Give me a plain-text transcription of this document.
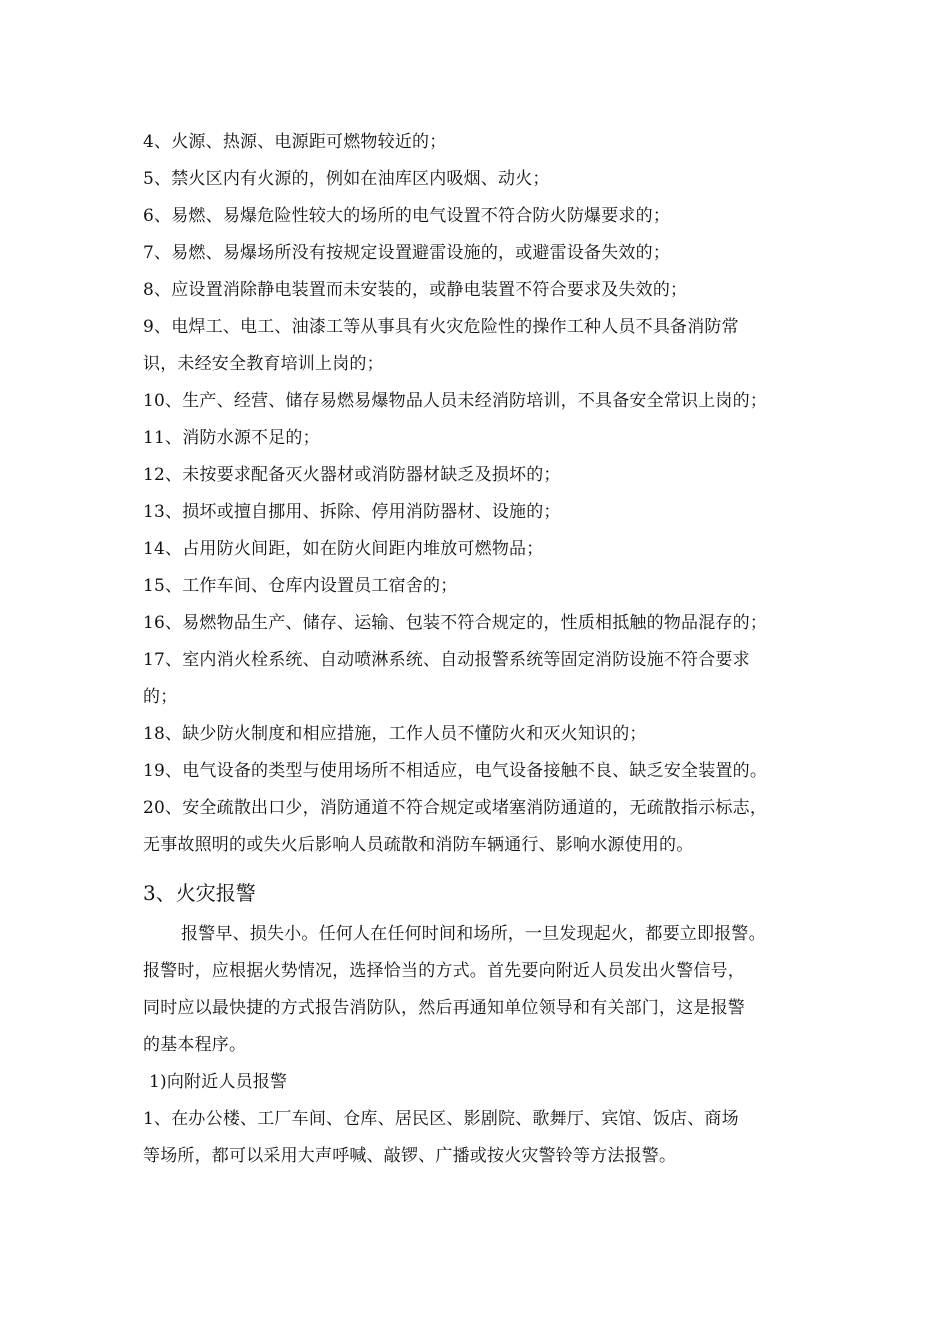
4、火源、热源、电源距可燃物较近的；
5、禁火区内有火源的，例如在油库区内吸烟、动火；
6、易燃、易爆危险性较大的场所的电气设置不符合防火防爆要求的；
7、易燃、易爆场所没有按规定设置避雷设施的，或避雷设备失效的；
8、应设置消除静电装置而未安装的，或静电装置不符合要求及失效的；
9、电焊工、电工、油漆工等从事具有火灾危险性的操作工种人员不具备消防常
识，未经安全教育培训上岗的；
10、生产、经营、储存易燃易爆物品人员未经消防培训，不具备安全常识上岗的；
11、消防水源不足的；
12、未按要求配备灭火器材或消防器材缺乏及损坏的；
13、损坏或擅自挪用、拆除、停用消防器材、设施的；
14、占用防火间距，如在防火间距内堆放可燃物品；
15、工作车间、仓库内设置员工宿舍的；
16、易燃物品生产、储存、运输、包装不符合规定的，性质相抵触的物品混存的；
17、室内消火栓系统、自动喷淋系统、自动报警系统等固定消防设施不符合要求
的；
18、缺少防火制度和相应措施，工作人员不懂防火和灭火知识的；
19、电气设备的类型与使用场所不相适应，电气设备接触不良、缺乏安全装置的。
20、安全疏散出口少，消防通道不符合规定或堵塞消防通道的，无疏散指示标志，
无事故照明的或失火后影响人员疏散和消防车辆通行、影响水源使用的。
3、火灾报警
报警早、损失小。任何人在任何时间和场所，一旦发现起火，都要立即报警。
报警时，应根据火势情况，选择恰当的方式。首先要向附近人员发出火警信号，
同时应以最快捷的方式报告消防队，然后再通知单位领导和有关部门，这是报警
的基本程序。
1)向附近人员报警
1、在办公楼、工厂车间、仓库、居民区、影剧院、歌舞厅、宾馆、饭店、商场
等场所，都可以采用大声呼喊、敲锣、广播或按火灾警铃等方法报警。
